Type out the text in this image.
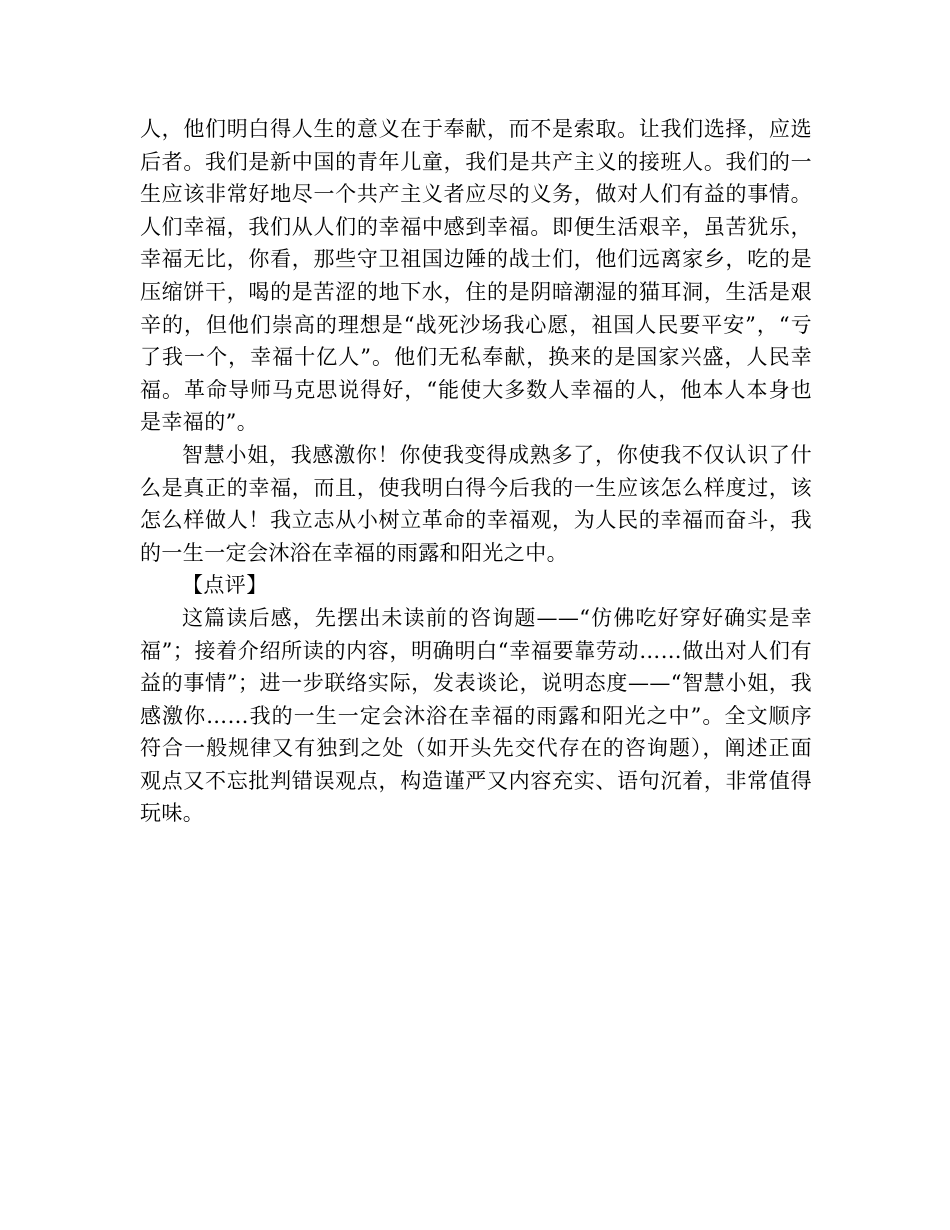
人，他们明白得人生的意义在于奉献，而不是索取。让我们选择，应选后者。我们是新中国的青年儿童，我们是共产主义的接班人。我们的一生应该非常好地尽一个共产主义者应尽的义务，做对人们有益的事情。人们幸福，我们从人们的幸福中感到幸福。即便生活艰辛，虽苦犹乐，幸福无比，你看，那些守卫祖国边陲的战士们，他们远离家乡，吃的是压缩饼干，喝的是苦涩的地下水，住的是阴暗潮湿的猫耳洞，生活是艰辛的，但他们崇高的理想是“战死沙场我心愿，祖国人民要平安”，“亏了我一个，幸福十亿人”。他们无私奉献，换来的是国家兴盛，人民幸福。革命导师马克思说得好，“能使大多数人幸福的人，他本人本身也是幸福的”。

智慧小姐，我感激你！你使我变得成熟多了，你使我不仅认识了什么是真正的幸福，而且，使我明白得今后我的一生应该怎么样度过，该怎么样做人！我立志从小树立革命的幸福观，为人民的幸福而奋斗，我的一生一定会沐浴在幸福的雨露和阳光之中。

【点评】

这篇读后感，先摆出未读前的咨询题——“仿佛吃好穿好确实是幸福”；接着介绍所读的内容，明确明白“幸福要靠劳动……做出对人们有益的事情”；进一步联络实际，发表谈论，说明态度——“智慧小姐，我感激你……我的一生一定会沐浴在幸福的雨露和阳光之中”。全文顺序符合一般规律又有独到之处（如开头先交代存在的咨询题），阐述正面观点又不忘批判错误观点，构造谨严又内容充实、语句沉着，非常值得玩味。
